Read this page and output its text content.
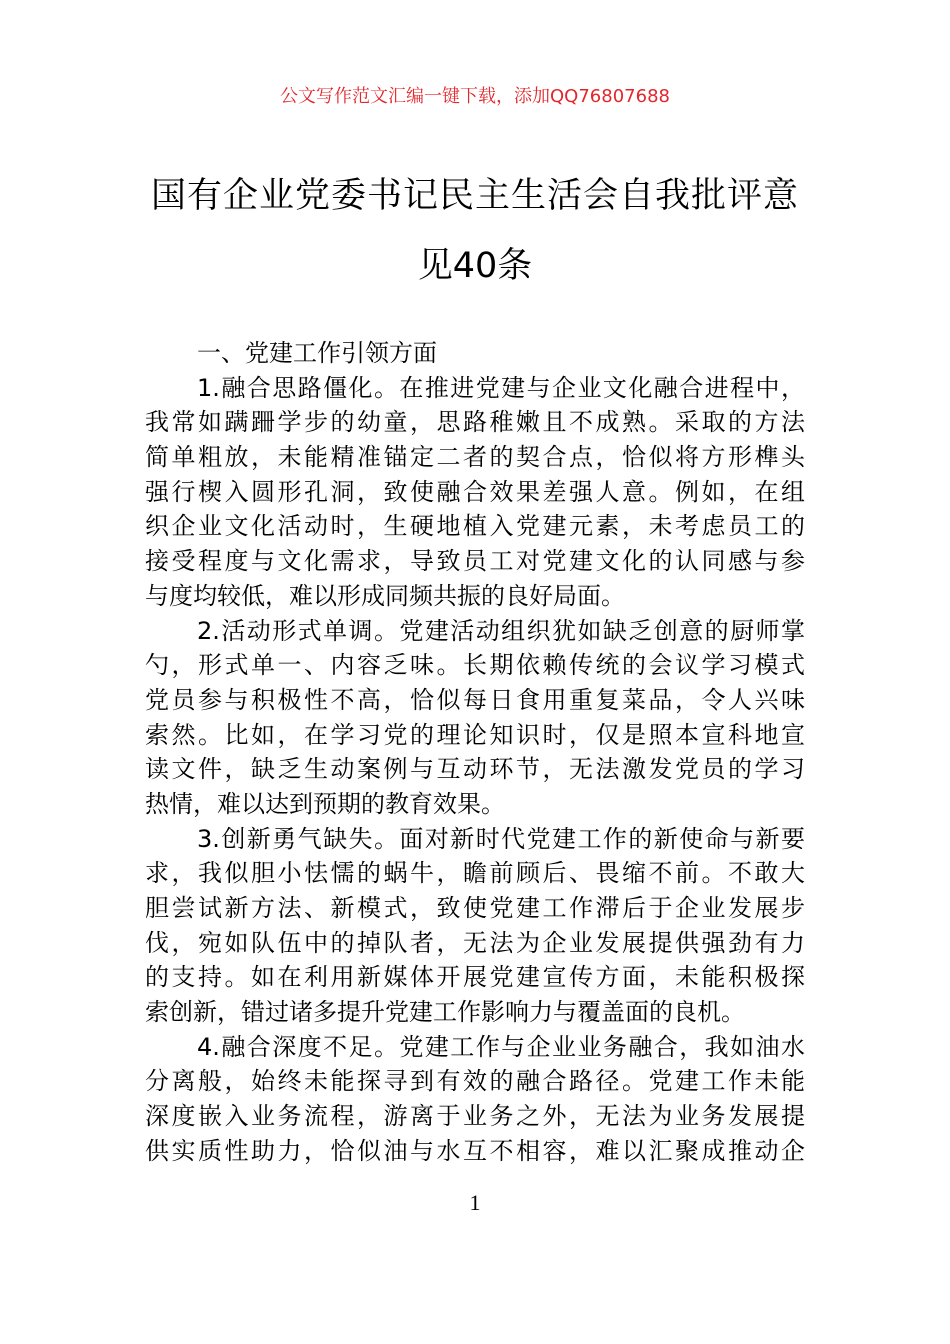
公文写作范文汇编一键下载，添加QQ76807688
国有企业党委书记民主生活会自我批评意
见40条
一、党建工作引领方面
1.融合思路僵化。在推进党建与企业文化融合进程中，
我常如蹒跚学步的幼童，思路稚嫩且不成熟。采取的方法
简单粗放，未能精准锚定二者的契合点，恰似将方形榫头
强行楔入圆形孔洞，致使融合效果差强人意。例如，在组
织企业文化活动时，生硬地植入党建元素，未考虑员工的
接受程度与文化需求，导致员工对党建文化的认同感与参
与度均较低，难以形成同频共振的良好局面。
2.活动形式单调。党建活动组织犹如缺乏创意的厨师掌
勺，形式单一、内容乏味。长期依赖传统的会议学习模式
党员参与积极性不高，恰似每日食用重复菜品，令人兴味
索然。比如，在学习党的理论知识时，仅是照本宣科地宣
读文件，缺乏生动案例与互动环节，无法激发党员的学习
热情，难以达到预期的教育效果。
3.创新勇气缺失。面对新时代党建工作的新使命与新要
求，我似胆小怯懦的蜗牛，瞻前顾后、畏缩不前。不敢大
胆尝试新方法、新模式，致使党建工作滞后于企业发展步
伐，宛如队伍中的掉队者，无法为企业发展提供强劲有力
的支持。如在利用新媒体开展党建宣传方面，未能积极探
索创新，错过诸多提升党建工作影响力与覆盖面的良机。
4.融合深度不足。党建工作与企业业务融合，我如油水
分离般，始终未能探寻到有效的融合路径。党建工作未能
深度嵌入业务流程，游离于业务之外，无法为业务发展提
供实质性助力，恰似油与水互不相容，难以汇聚成推动企
1
